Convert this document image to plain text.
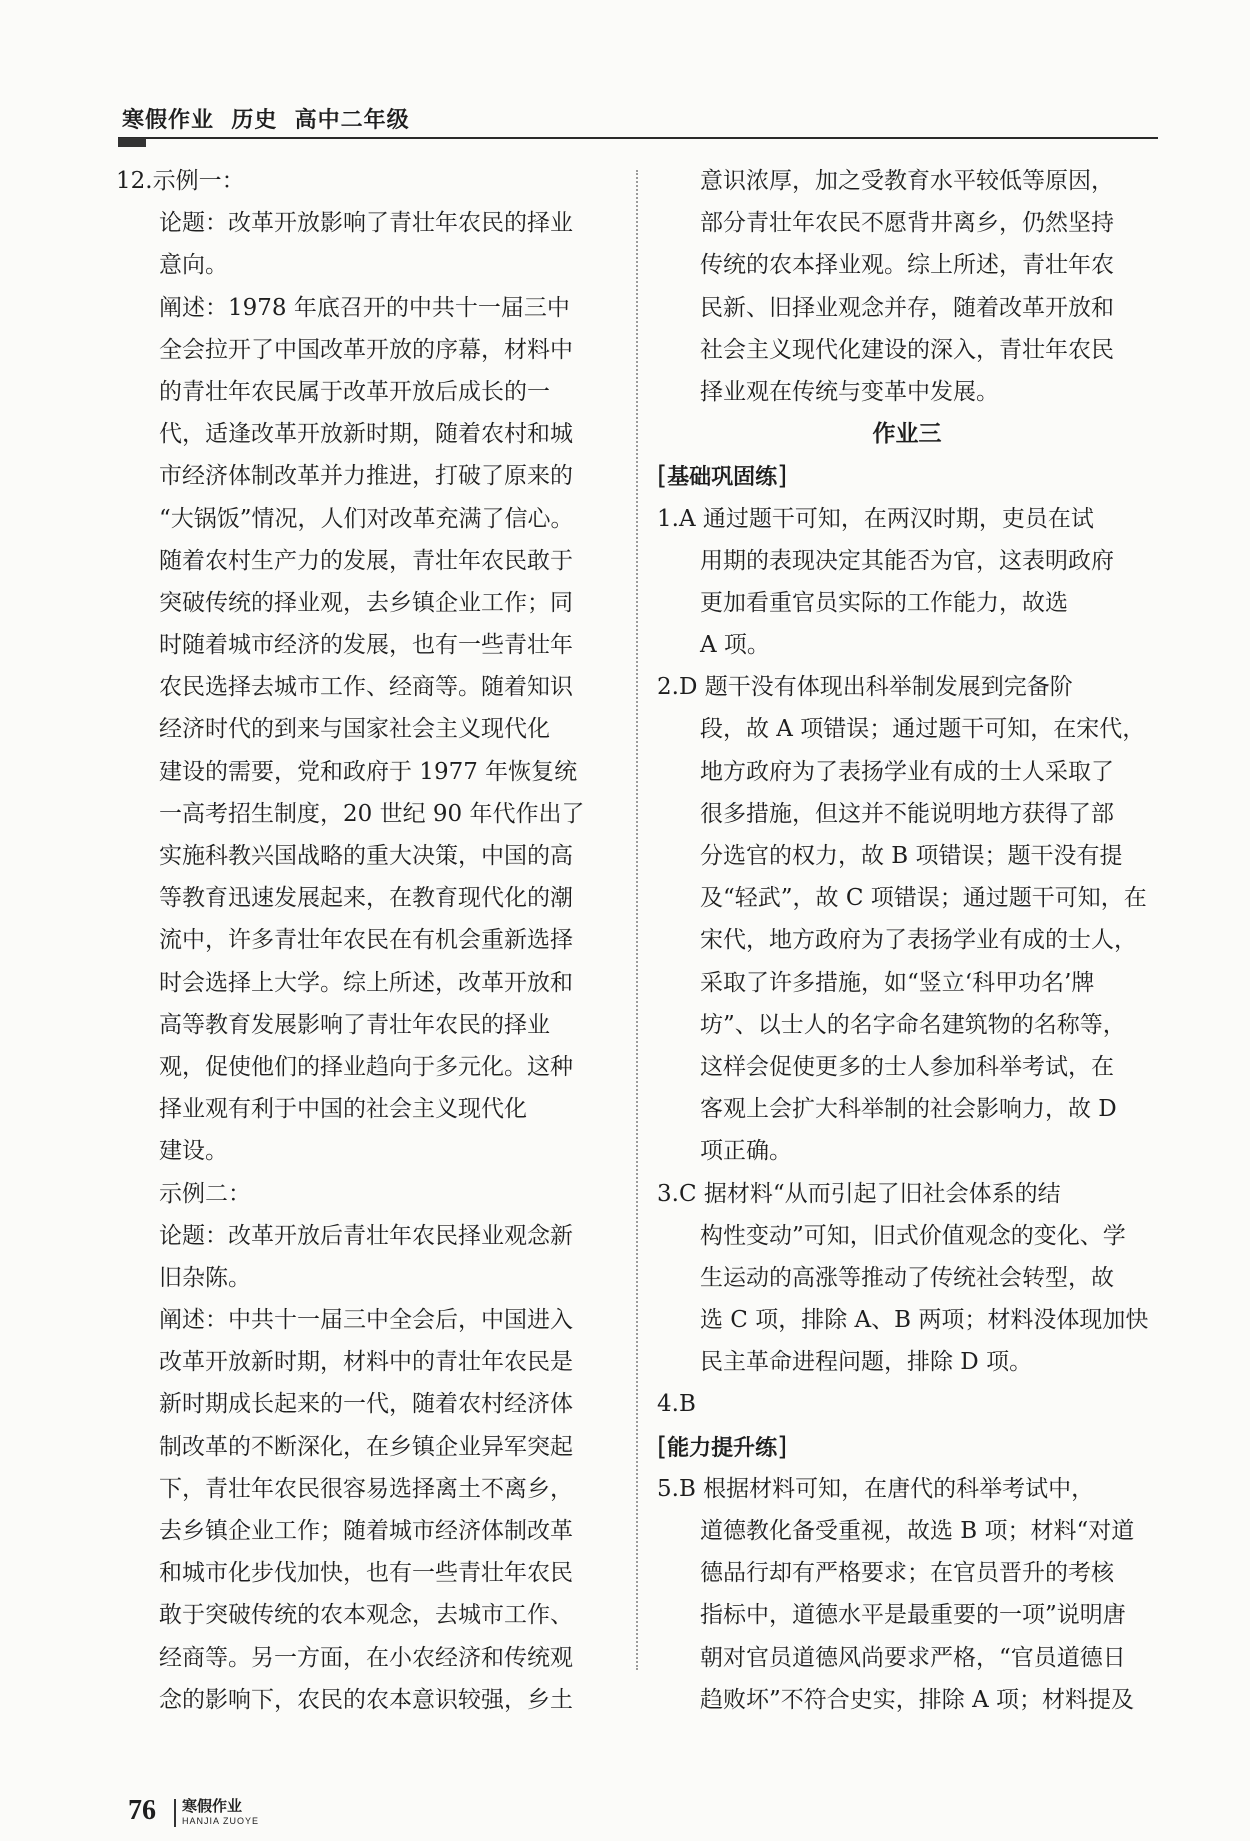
寒假作业  历史  高中二年级
12.示例一：
论题：改革开放影响了青壮年农民的择业
意向。
阐述：1978 年底召开的中共十一届三中
全会拉开了中国改革开放的序幕，材料中
的青壮年农民属于改革开放后成长的一
代，适逢改革开放新时期，随着农村和城
市经济体制改革并力推进，打破了原来的
“大锅饭”情况，人们对改革充满了信心。
随着农村生产力的发展，青壮年农民敢于
突破传统的择业观，去乡镇企业工作；同
时随着城市经济的发展，也有一些青壮年
农民选择去城市工作、经商等。随着知识
经济时代的到来与国家社会主义现代化
建设的需要，党和政府于 1977 年恢复统
一高考招生制度，20 世纪 90 年代作出了
实施科教兴国战略的重大决策，中国的高
等教育迅速发展起来，在教育现代化的潮
流中，许多青壮年农民在有机会重新选择
时会选择上大学。综上所述，改革开放和
高等教育发展影响了青壮年农民的择业
观，促使他们的择业趋向于多元化。这种
择业观有利于中国的社会主义现代化
建设。
示例二：
论题：改革开放后青壮年农民择业观念新
旧杂陈。
阐述：中共十一届三中全会后，中国进入
改革开放新时期，材料中的青壮年农民是
新时期成长起来的一代，随着农村经济体
制改革的不断深化，在乡镇企业异军突起
下，青壮年农民很容易选择离土不离乡，
去乡镇企业工作；随着城市经济体制改革
和城市化步伐加快，也有一些青壮年农民
敢于突破传统的农本观念，去城市工作、
经商等。另一方面，在小农经济和传统观
念的影响下，农民的农本意识较强，乡土
意识浓厚，加之受教育水平较低等原因，
部分青壮年农民不愿背井离乡，仍然坚持
传统的农本择业观。综上所述，青壮年农
民新、旧择业观念并存，随着改革开放和
社会主义现代化建设的深入，青壮年农民
择业观在传统与变革中发展。
作业三
[ 基础巩固练 ]
1.A 通过题干可知，在两汉时期，吏员在试
用期的表现决定其能否为官，这表明政府
更加看重官员实际的工作能力，故选
A 项。
2.D 题干没有体现出科举制发展到完备阶
段，故 A 项错误；通过题干可知，在宋代，
地方政府为了表扬学业有成的士人采取了
很多措施，但这并不能说明地方获得了部
分选官的权力，故 B 项错误；题干没有提
及“轻武”，故 C 项错误；通过题干可知，在
宋代，地方政府为了表扬学业有成的士人，
采取了许多措施，如“竖立‘科甲功名’牌
坊”、以士人的名字命名建筑物的名称等，
这样会促使更多的士人参加科举考试，在
客观上会扩大科举制的社会影响力，故 D
项正确。
3.C 据材料“从而引起了旧社会体系的结
构性变动”可知，旧式价值观念的变化、学
生运动的高涨等推动了传统社会转型，故
选 C 项，排除 A、B 两项；材料没体现加快
民主革命进程问题，排除 D 项。
4.B
[ 能力提升练 ]
5.B 根据材料可知，在唐代的科举考试中，
道德教化备受重视，故选 B 项；材料“对道
德品行却有严格要求；在官员晋升的考核
指标中，道德水平是最重要的一项”说明唐
朝对官员道德风尚要求严格，“官员道德日
趋败坏”不符合史实，排除 A 项；材料提及
76 寒假作业
HANJIA ZUOYE
